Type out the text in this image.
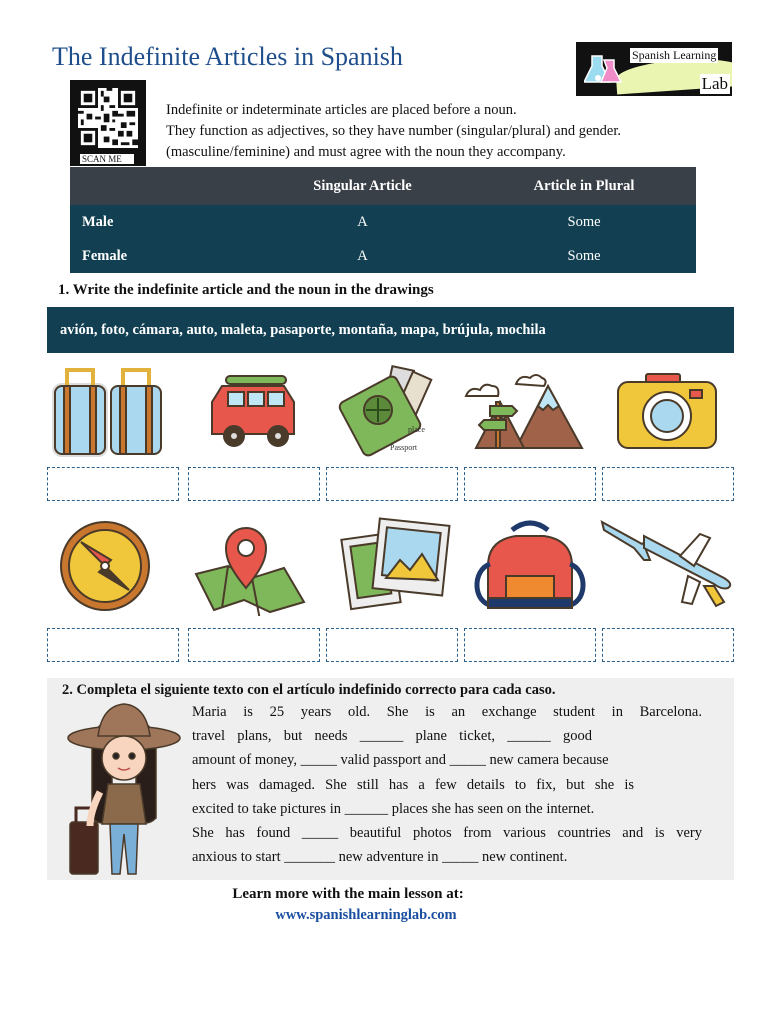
The Indefinite Articles in Spanish	Spanish Learning
Lab
SCAN ME

Indefinite or indeterminate articles are placed before a noun.

They function as adjectives, so they have number (singular/plural) and gender.

(masculine/feminine) and must agree with the noun they accompany.

	Singular Article	Article in Plural
Male	A	Some
Female	A	Some
1. Write the indefinite article and the noun in the drawings
avión, foto, cámara, auto, maleta, pasaporte, montaña, mapa, brújula, mochila
place
Passport
2. Completa el siguiente texto con el artículo indefinido correcto para cada caso.
Maria is 25 years old. She is an exchange student in Barcelona.
travel plans, but needs ______ plane ticket, ______ good
amount of money, _____ valid passport and _____ new camera because
hers was damaged. She still has a few details to fix, but she is
excited to take pictures in ______ places she has seen on the internet.
She has found _____ beautiful photos from various countries and is very
anxious to start _______ new adventure in _____ new continent.
Learn more with the main lesson at:
www.spanishlearninglab.com
